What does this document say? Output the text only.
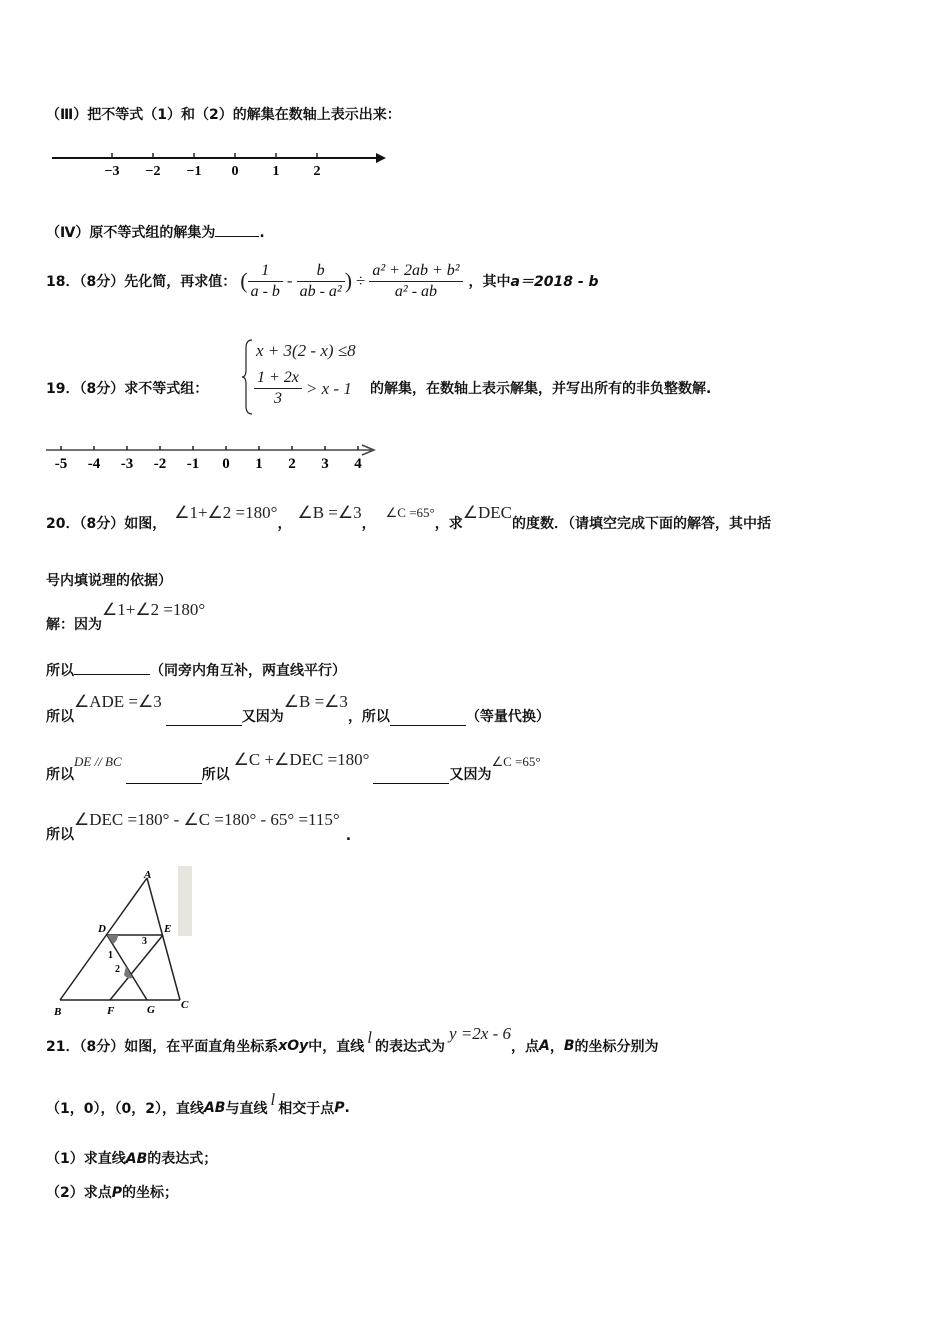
（Ⅲ）把不等式（1）和（2）的解集在数轴上表示出来：
−3 −2 −1 0 1 2
（Ⅳ）原不等式组的解集为	.
18．（8分）先化简，再求值： ( $\frac{1}{a - b} - \frac{b}{\text{ab - a²}}$ ) ÷ $\frac{\text{a² + 2ab + b²}}{\text{a² - ab}}$ ，其中 a＝2018 - b
19．（8分）求不等式组：
x + 3(2 - x) ≤8
$\frac{1 + 2x}{3} > x - 1$ 的解集，在数轴上表示解集，并写出所有的非负整数解.
-5 -4 -3 -2 -1 0 1 2 3 4
20．（8分）如图，
∠1+∠2 =180°
，
∠B =∠3
，
∠C =65°
，求
∠DEC
的度数．（请填空完成下面的解答，其中括
号内填说理的依据）
解：因为
∠1+∠2 =180°
所以	（同旁内角互补，两直线平行）
所以
∠ADE =∠3
又因为
∠B =∠3
，所以	（等量代换）
所以
DE // BC
所以
∠C +∠DEC =180°
又因为
∠C =65°
所以
∠DEC =180° - ∠C =180° - 65° =115°
.
A
D	E
1
2
3
B	F	G C
21．（8分）如图，在平面直角坐标系 xOy 中，直线 l 的表达式为
y =2x - 6
，点 A ， B 的坐标分别为
（1，0），（0，2），直线 AB 与直线 l 相交于点 P .
（1）求直线AB的表达式；
（2）求点P的坐标；
